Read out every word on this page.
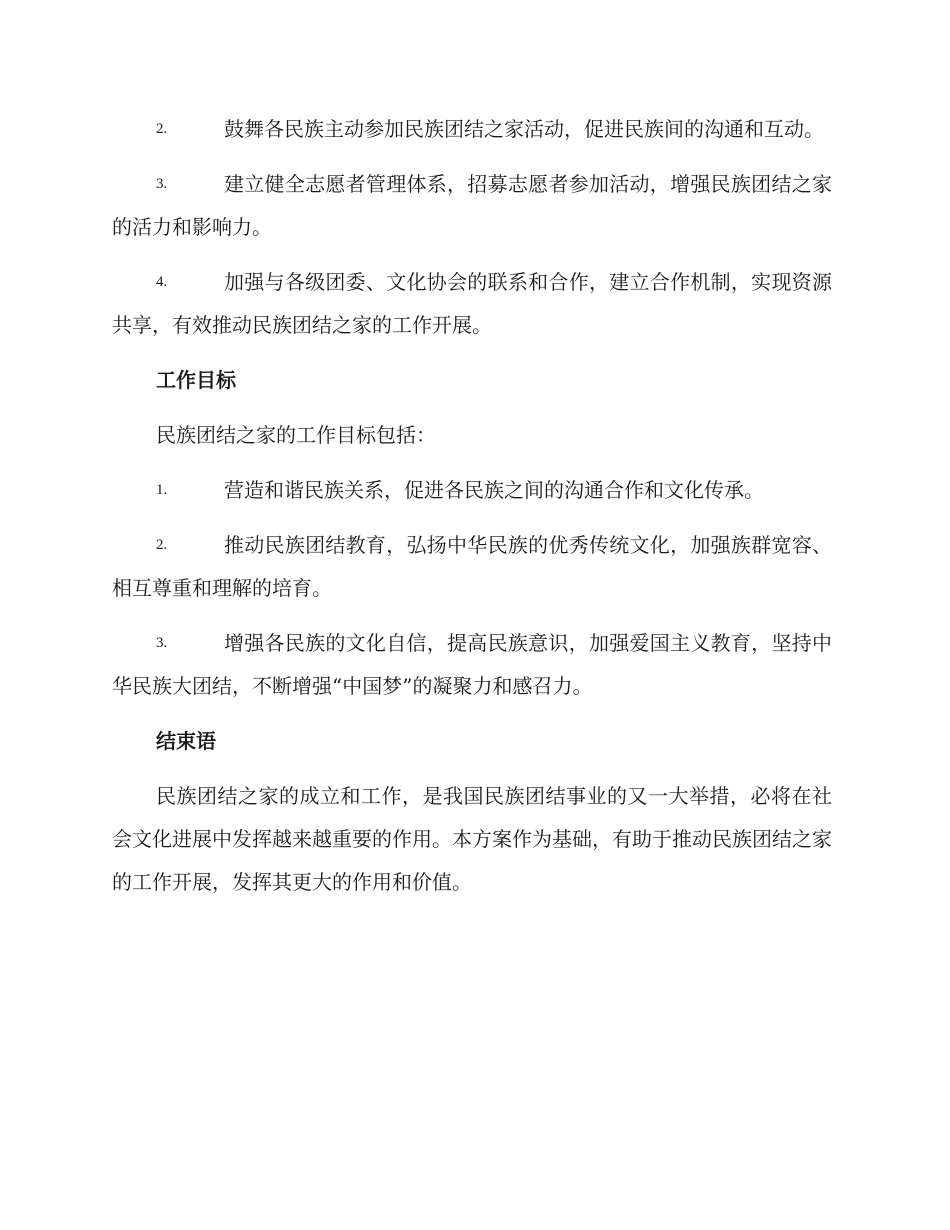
2.	鼓舞各民族主动参加民族团结之家活动，促进民族间的沟通和互动。
3.	建立健全志愿者管理体系，招募志愿者参加活动，增强民族团结之家的活力和影响力。
4.	加强与各级团委、文化协会的联系和合作，建立合作机制，实现资源共享，有效推动民族团结之家的工作开展。
工作目标
民族团结之家的工作目标包括：
1.	营造和谐民族关系，促进各民族之间的沟通合作和文化传承。
2.	推动民族团结教育，弘扬中华民族的优秀传统文化，加强族群宽容、相互尊重和理解的培育。
3.	增强各民族的文化自信，提高民族意识，加强爱国主义教育，坚持中华民族大团结，不断增强“中国梦”的凝聚力和感召力。
结束语
民族团结之家的成立和工作，是我国民族团结事业的又一大举措，必将在社会文化进展中发挥越来越重要的作用。本方案作为基础，有助于推动民族团结之家的工作开展，发挥其更大的作用和价值。
